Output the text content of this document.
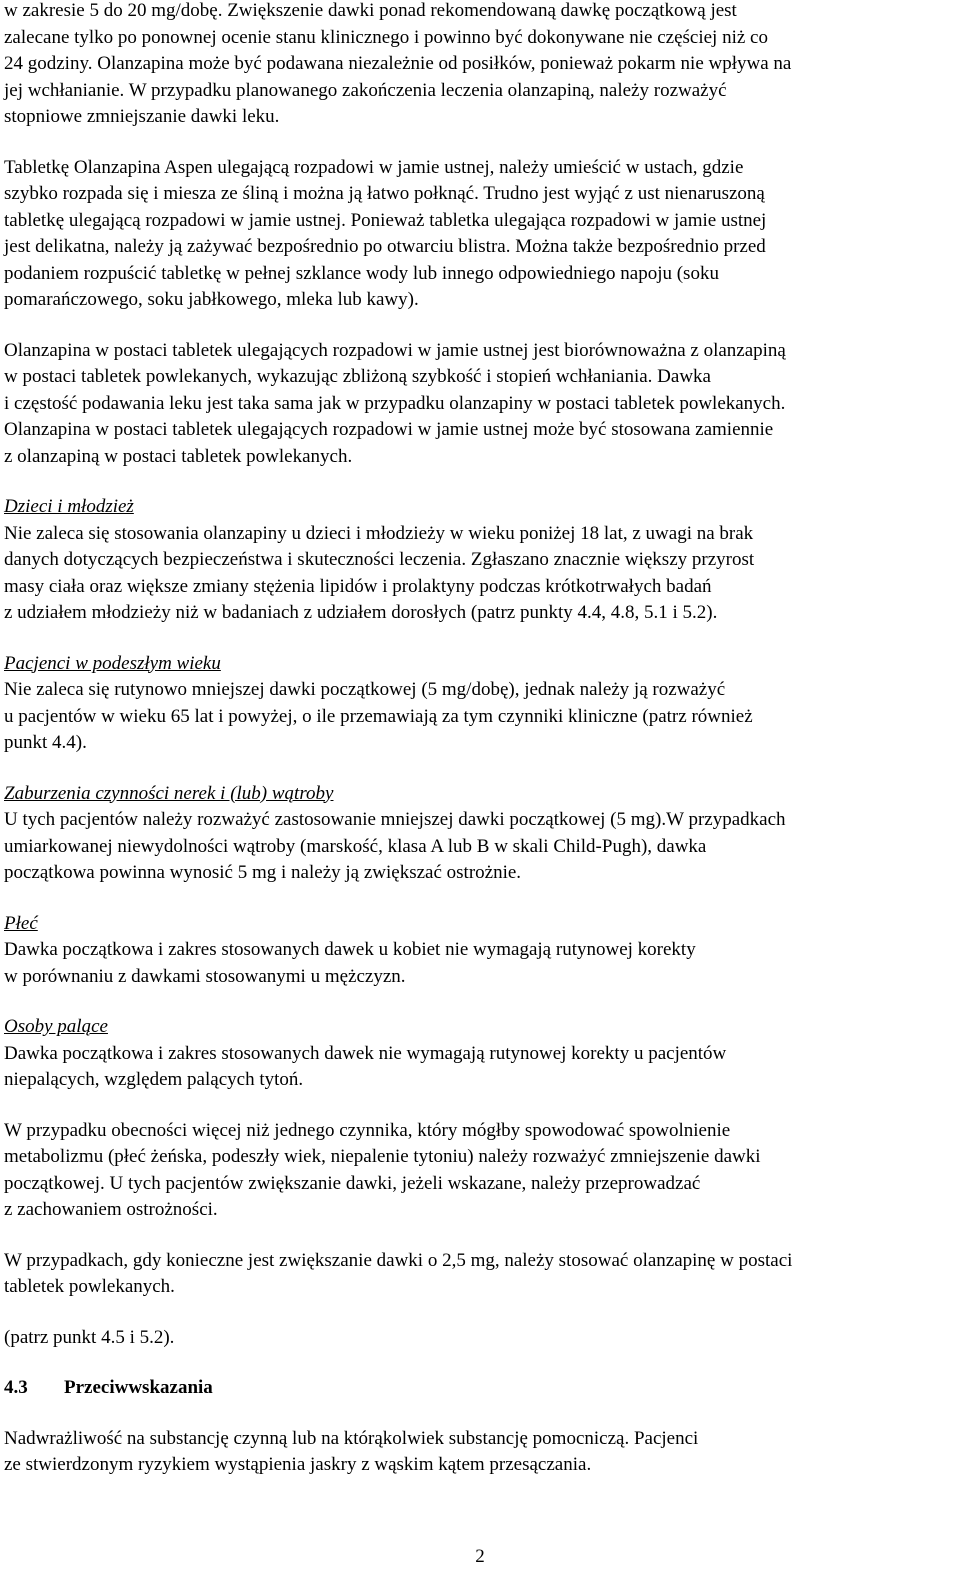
w zakresie 5 do 20 mg/dobę. Zwiększenie dawki ponad rekomendowaną dawkę początkową jest
zalecane tylko po ponownej ocenie stanu klinicznego i powinno być dokonywane nie częściej niż co
24 godziny. Olanzapina może być podawana niezależnie od posiłków, ponieważ pokarm nie wpływa na
jej wchłanianie. W przypadku planowanego zakończenia leczenia olanzapiną, należy rozważyć
stopniowe zmniejszanie dawki leku.

Tabletkę Olanzapina Aspen ulegającą rozpadowi w jamie ustnej, należy umieścić w ustach, gdzie
szybko rozpada się i miesza ze śliną i można ją łatwo połknąć. Trudno jest wyjąć z ust nienaruszoną
tabletkę ulegającą rozpadowi w jamie ustnej. Ponieważ tabletka ulegająca rozpadowi w jamie ustnej
jest delikatna, należy ją zażywać bezpośrednio po otwarciu blistra. Można także bezpośrednio przed
podaniem rozpuścić tabletkę w pełnej szklance wody lub innego odpowiedniego napoju (soku
pomarańczowego, soku jabłkowego, mleka lub kawy).

Olanzapina w postaci tabletek ulegających rozpadowi w jamie ustnej jest biorównoważna z olanzapiną
w postaci tabletek powlekanych, wykazując zbliżoną szybkość i stopień wchłaniania. Dawka
i częstość podawania leku jest taka sama jak w przypadku olanzapiny w postaci tabletek powlekanych.
Olanzapina w postaci tabletek ulegających rozpadowi w jamie ustnej może być stosowana zamiennie
z olanzapiną w postaci tabletek powlekanych.

Dzieci i młodzież
Nie zaleca się stosowania olanzapiny u dzieci i młodzieży w wieku poniżej 18 lat, z uwagi na brak
danych dotyczących bezpieczeństwa i skuteczności leczenia. Zgłaszano znacznie większy przyrost
masy ciała oraz większe zmiany stężenia lipidów i prolaktyny podczas krótkotrwałych badań
z udziałem młodzieży niż w badaniach z udziałem dorosłych (patrz punkty 4.4, 4.8, 5.1 i 5.2).

Pacjenci w podeszłym wieku
Nie zaleca się rutynowo mniejszej dawki początkowej (5 mg/dobę), jednak należy ją rozważyć
u pacjentów w wieku 65 lat i powyżej, o ile przemawiają za tym czynniki kliniczne (patrz również
punkt 4.4).

Zaburzenia czynności nerek i (lub) wątroby
U tych pacjentów należy rozważyć zastosowanie mniejszej dawki początkowej (5 mg).W przypadkach
umiarkowanej niewydolności wątroby (marskość, klasa A lub B w skali Child-Pugh), dawka
początkowa powinna wynosić 5 mg i należy ją zwiększać ostrożnie.

Płeć
Dawka początkowa i zakres stosowanych dawek u kobiet nie wymagają rutynowej korekty
w porównaniu z dawkami stosowanymi u mężczyzn.

Osoby palące
Dawka początkowa i zakres stosowanych dawek nie wymagają rutynowej korekty u pacjentów
niepalących, względem palących tytoń.

W przypadku obecności więcej niż jednego czynnika, który mógłby spowodować spowolnienie
metabolizmu (płeć żeńska, podeszły wiek, niepalenie tytoniu) należy rozważyć zmniejszenie dawki
początkowej. U tych pacjentów zwiększanie dawki, jeżeli wskazane, należy przeprowadzać
z zachowaniem ostrożności.

W przypadkach, gdy konieczne jest zwiększanie dawki o 2,5 mg, należy stosować olanzapinę w postaci
tabletek powlekanych.

(patrz punkt 4.5 i 5.2).

4.3 Przeciwwskazania

Nadwrażliwość na substancję czynną lub na którąkolwiek substancję pomocniczą. Pacjenci
ze stwierdzonym ryzykiem wystąpienia jaskry z wąskim kątem przesączania.

2
